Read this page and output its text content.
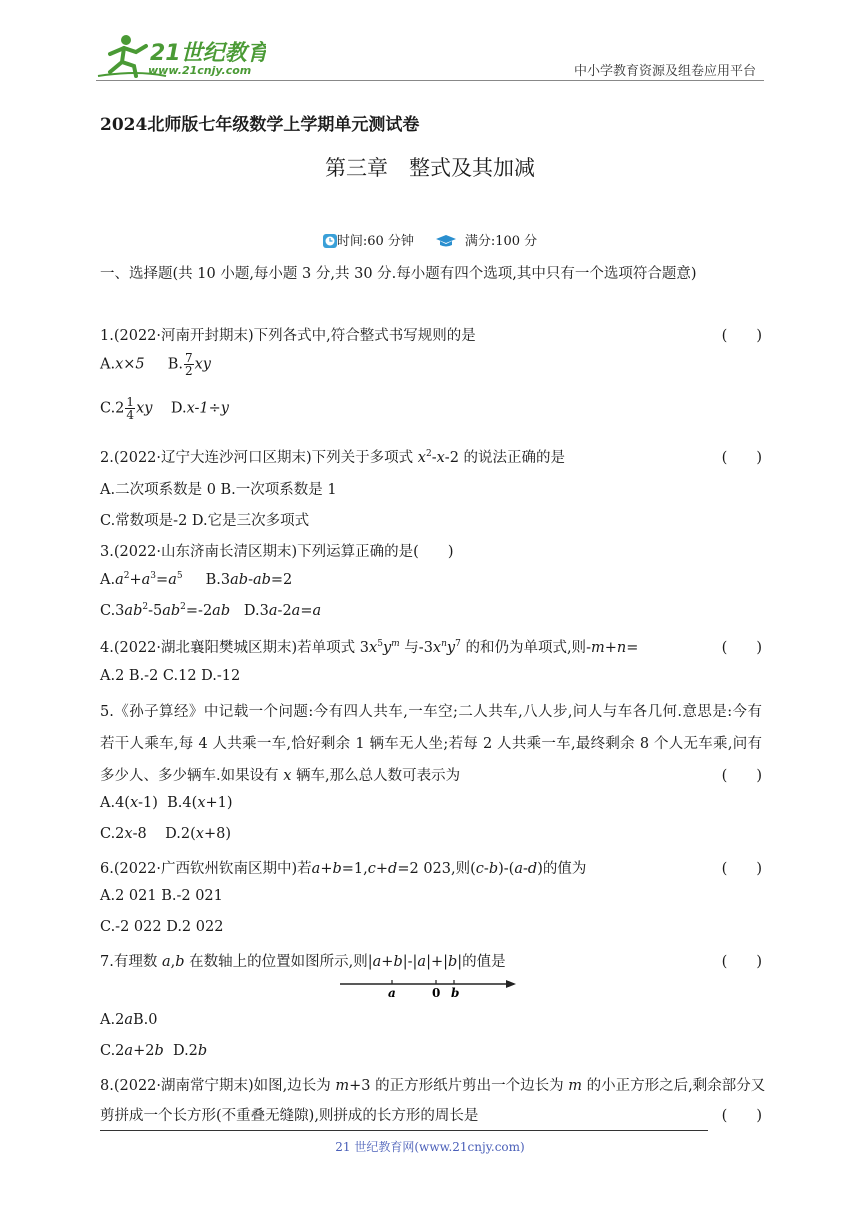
21世纪教育
www.21cnjy.com	中小学教育资源及组卷应用平台
2024北师版七年级数学上学期单元测试卷
第三章　整式及其加减
时间:60 分钟	满分:100 分
一、选择题(共 10 小题,每小题 3 分,共 30 分.每小题有四个选项,其中只有一个选项符合题意)
1.(2022·河南开封期末)下列各式中,符合整式书写规则的是	(　　)
A.x×5 B. $\frac{7}{2}$ xy
$C.2 \frac{1}{4}$ xy D.x-1÷y
2.(2022·辽宁大连沙河口区期末)下列关于多项式 $x^2-x-2$ 的说法正确的是	(　　)
A.二次项系数是 0 B.一次项系数是 1
C.常数项是-2 D.它是三次多项式
3.(2022·山东济南长清区期末)下列运算正确的是(　　)
$A.a^2+a^3=a^5$     B.3ab-ab=2
$C.3ab^2-5ab^2=-2ab$   D.3a-2a=a
4.(2022·湖北襄阳樊城区期末)若单项式 $3x^5y^m$ 与$-3x^ny^7$ 的和仍为单项式,则-m+n=	(　　)
A.2 B.-2 C.12 D.-12
5.《孙子算经》中记载一个问题:今有四人共车,一车空;二人共车,八人步,问人与车各几何.意思是:今有
若干人乘车,每 4 人共乘一车,恰好剩余 1 辆车无人坐;若每 2 人共乘一车,最终剩余 8 个人无车乘,问有
多少人、多少辆车.如果设有 x 辆车,那么总人数可表示为	(　　)
A.4(x-1)  B.4(x+1)
C.2x-8    D.2(x+8)
6.(2022·广西钦州钦南区期中)若a+b=1,c+d=2 023,则(c-b)-(a-d)的值为	(　　)
A.2 021 B.-2 021
C.-2 022 D.2 022
7.有理数 a,b 在数轴上的位置如图所示,则|a+b|-|a|+|b|的值是	(　　)
a	0 b
A.2aB.0
C.2a+2b  D.2b
8.(2022·湖南常宁期末)如图,边长为 m+3 的正方形纸片剪出一个边长为 m 的小正方形之后,剩余部分又
剪拼成一个长方形(不重叠无缝隙),则拼成的长方形的周长是	(　　)
21 世纪教育网(www.21cnjy.com)
